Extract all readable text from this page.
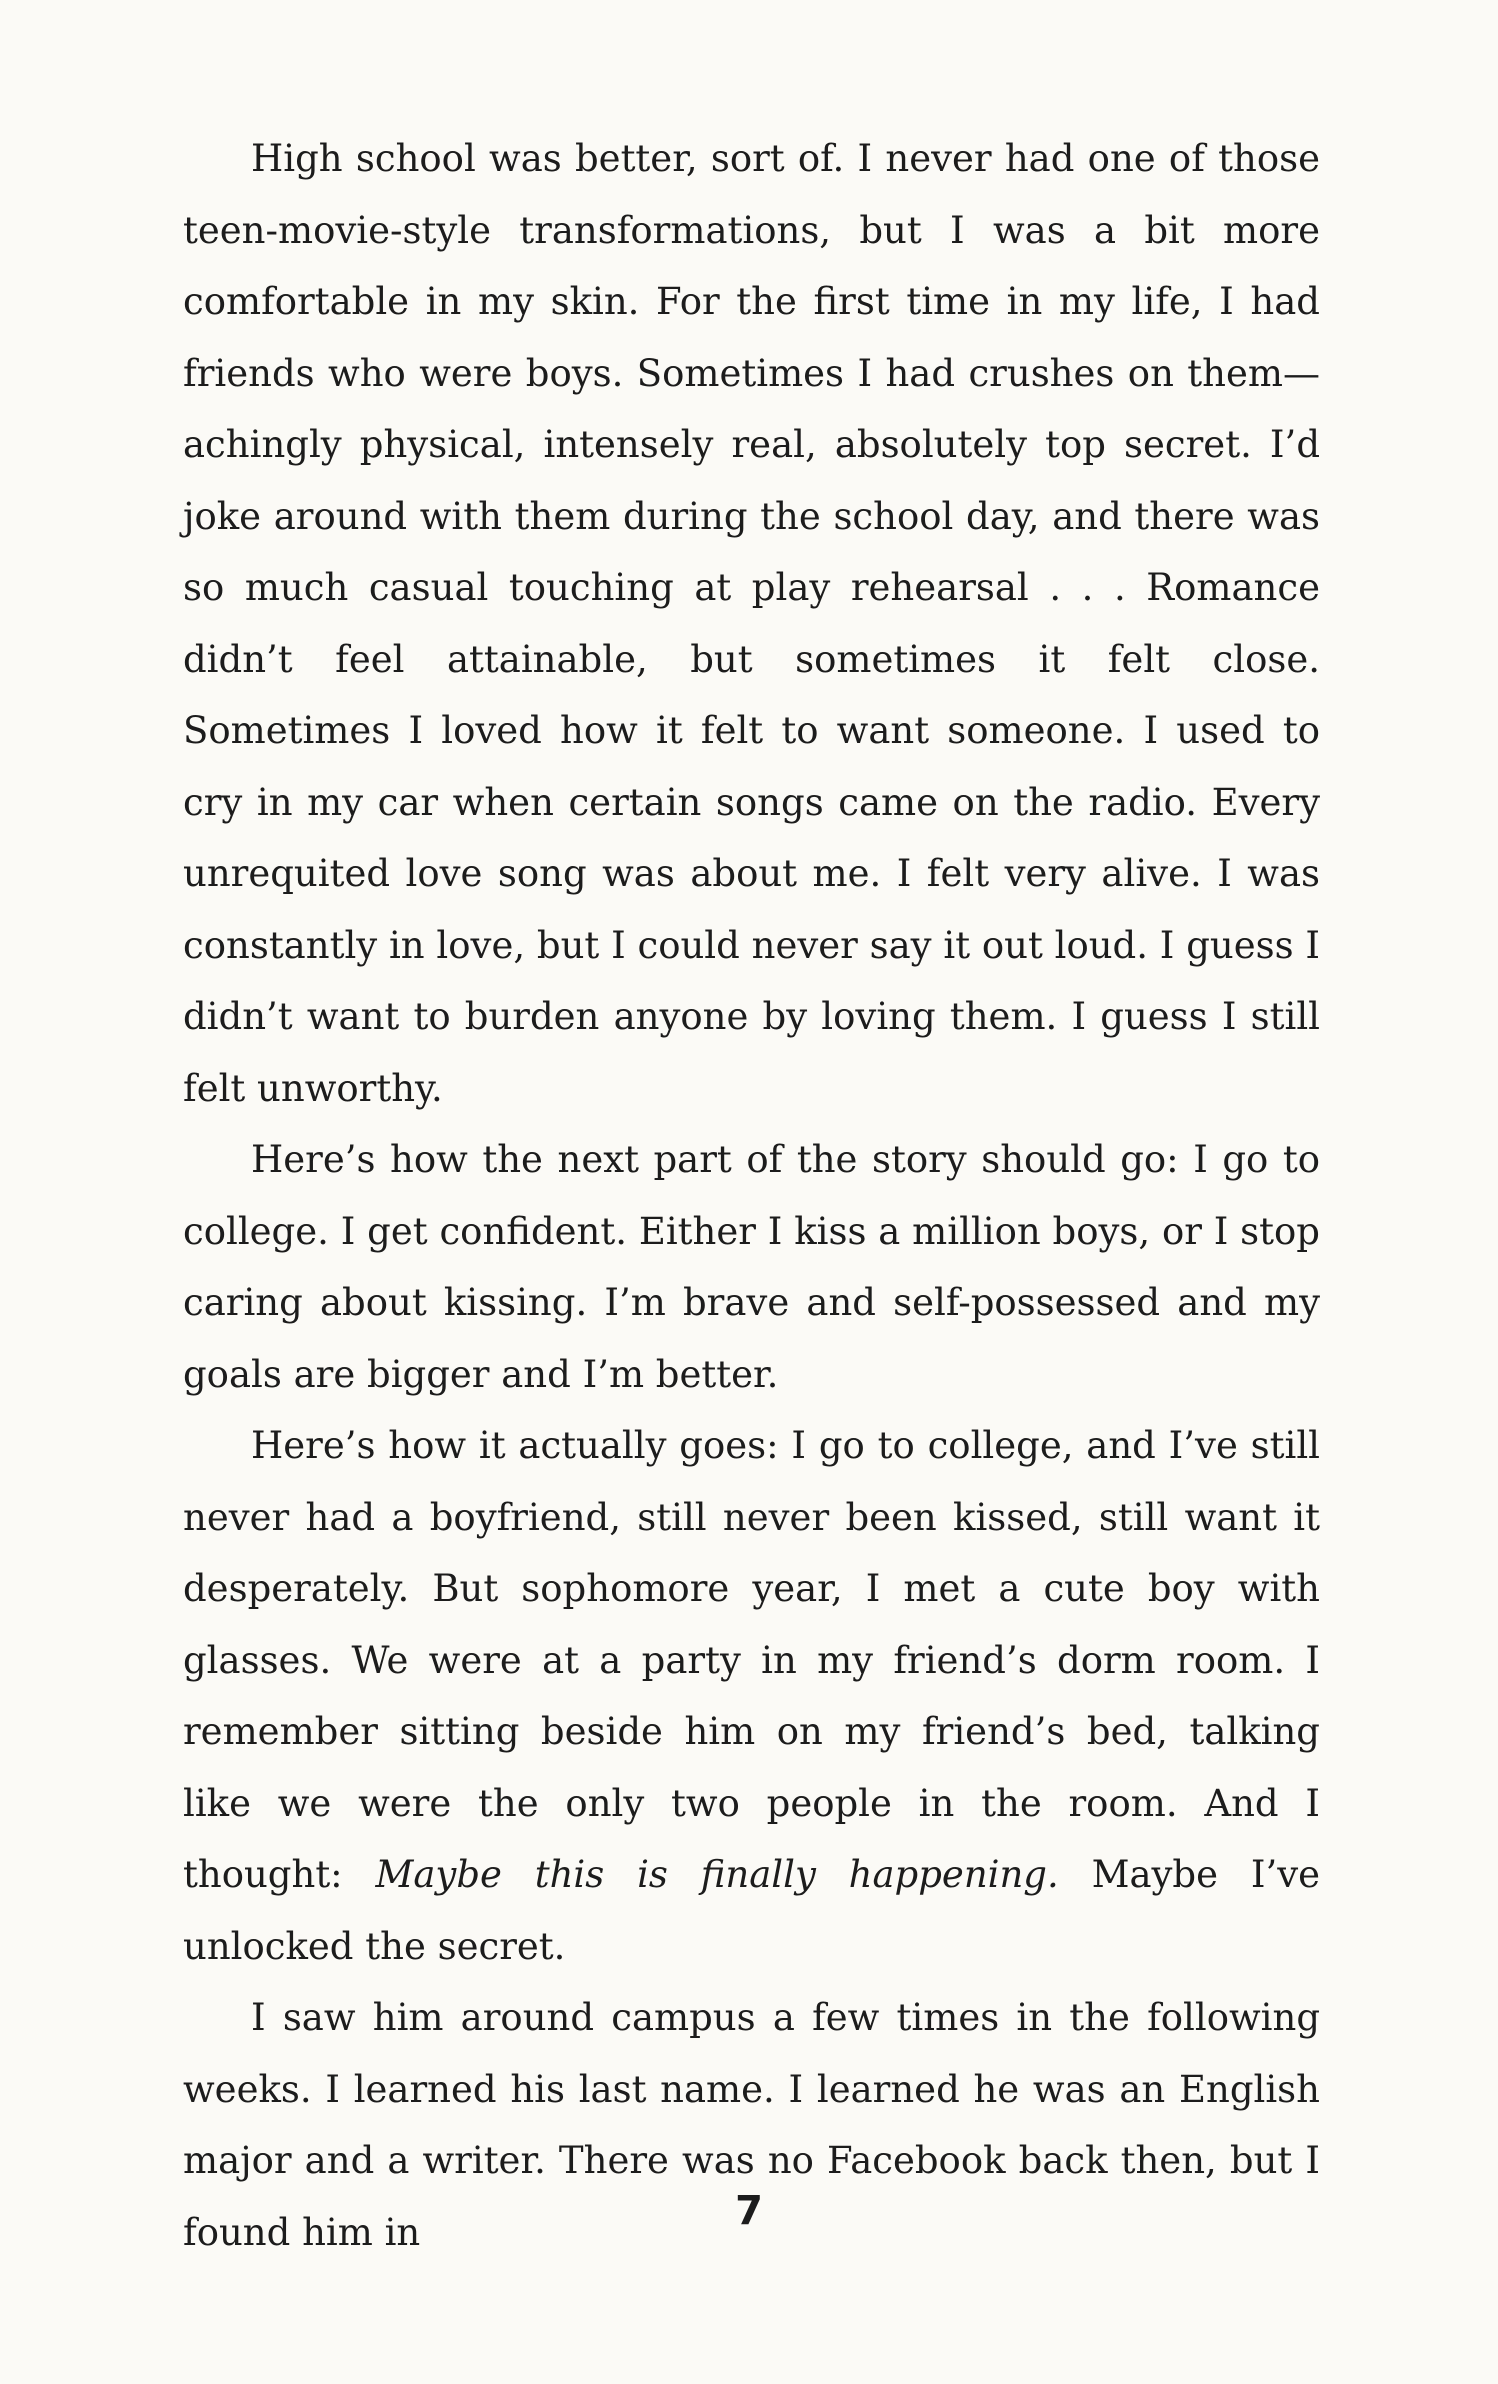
High school was better, sort of. I never had one of those teen-movie-style transformations, but I was a bit more comfortable in my skin. For the first time in my life, I had friends who were boys. Sometimes I had crushes on them—achingly physical, intensely real, absolutely top secret. I’d joke around with them during the school day, and there was so much casual touching at play rehearsal . . . Romance didn’t feel attainable, but sometimes it felt close. Sometimes I loved how it felt to want someone. I used to cry in my car when certain songs came on the radio. Every unrequited love song was about me. I felt very alive. I was constantly in love, but I could never say it out loud. I guess I didn’t want to burden anyone by loving them. I guess I still felt unworthy.

Here’s how the next part of the story should go: I go to college. I get confident. Either I kiss a million boys, or I stop caring about kissing. I’m brave and self-possessed and my goals are bigger and I’m better.

Here’s how it actually goes: I go to college, and I’ve still never had a boyfriend, still never been kissed, still want it desperately. But sophomore year, I met a cute boy with glasses. We were at a party in my friend’s dorm room. I remember sitting beside him on my friend’s bed, talking like we were the only two people in the room. And I thought: Maybe this is finally happening. Maybe I’ve unlocked the secret.

I saw him around campus a few times in the following weeks. I learned his last name. I learned he was an English major and a writer. There was no Facebook back then, but I found him in	7
